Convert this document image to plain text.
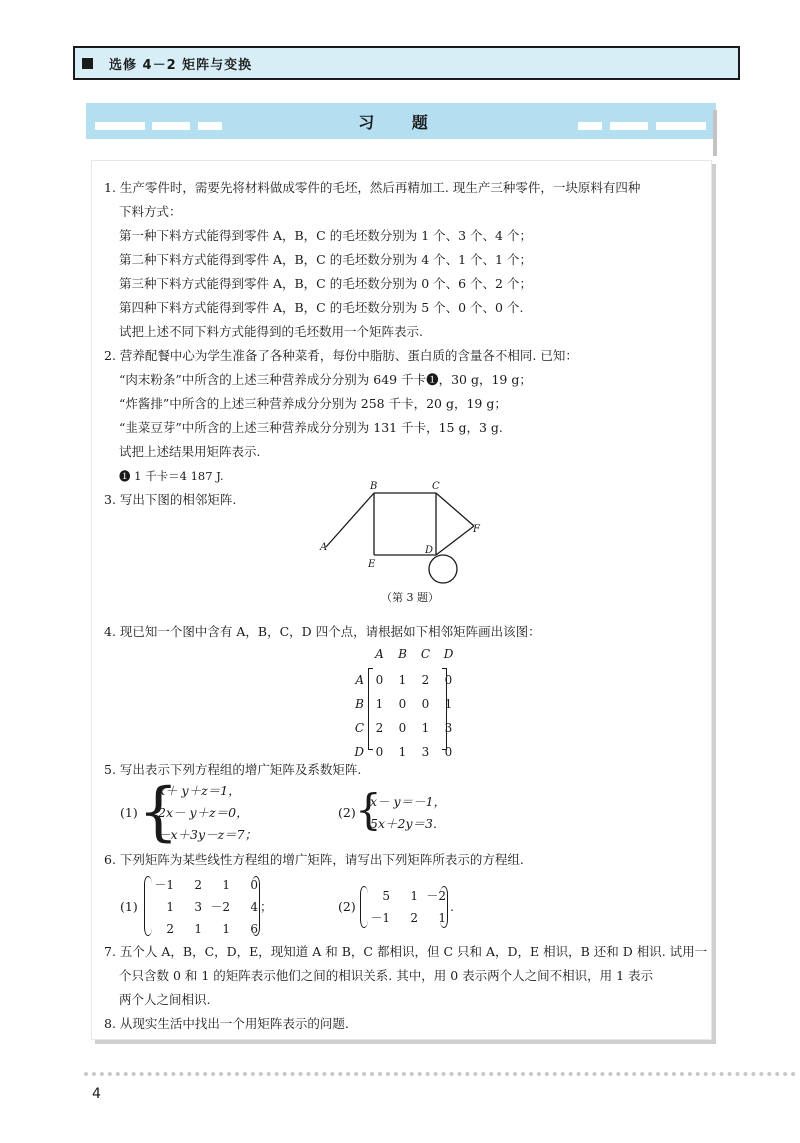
选修 4－2 矩阵与变换
习 题
1. 生产零件时，需要先将材料做成零件的毛坯，然后再精加工. 现生产三种零件，一块原料有四种
下料方式：
第一种下料方式能得到零件 A，B，C 的毛坯数分别为 1 个、3 个、4 个；
第二种下料方式能得到零件 A，B，C 的毛坯数分别为 4 个、1 个、1 个；
第三种下料方式能得到零件 A，B，C 的毛坯数分别为 0 个、6 个、2 个；
第四种下料方式能得到零件 A，B，C 的毛坯数分别为 5 个、0 个、0 个.
试把上述不同下料方式能得到的毛坯数用一个矩阵表示.
2. 营养配餐中心为学生准备了各种菜肴，每份中脂肪、蛋白质的含量各不相同. 已知：
“肉末粉条”中所含的上述三种营养成分分别为 649 千卡❶，30 g，19 g；
“炸酱排”中所含的上述三种营养成分分别为 258 千卡，20 g，19 g；
“韭菜豆芽”中所含的上述三种营养成分分别为 131 千卡，15 g，3 g.
试把上述结果用矩阵表示.
❶ 1 千卡＝4 187 J.
3. 写出下图的相邻矩阵.
A
B	C
D
E
F
（第 3 题）
4. 现已知一个图中含有 A，B，C，D 四个点，请根据如下相邻矩阵画出该图：
A B C D
A 0	1	2	0
B 1	0	0	1
C 2	0	1	3
D 0	1	3	0
5. 写出表示下列方程组的增广矩阵及系数矩阵.
(1) {
x＋ y＋z＝1，
2x－ y＋z＝0，
－x＋3y－z＝7；
(2) {
x－ y＝－1，
5x＋2y＝3.
6. 下列矩阵为某些线性方程组的增广矩阵，请写出下列矩阵所表示的方程组.
(1)
－1	2	1	0
1	3 －2	4
2	1	1	6
；	(2)
5	1 －2
－1	2	1
.
7. 五个人 A，B，C，D，E，现知道 A 和 B，C 都相识，但 C 只和 A，D，E 相识，B 还和 D 相识. 试用一
个只含数 0 和 1 的矩阵表示他们之间的相识关系. 其中，用 0 表示两个人之间不相识，用 1 表示
两个人之间相识.
8. 从现实生活中找出一个用矩阵表示的问题.
4
